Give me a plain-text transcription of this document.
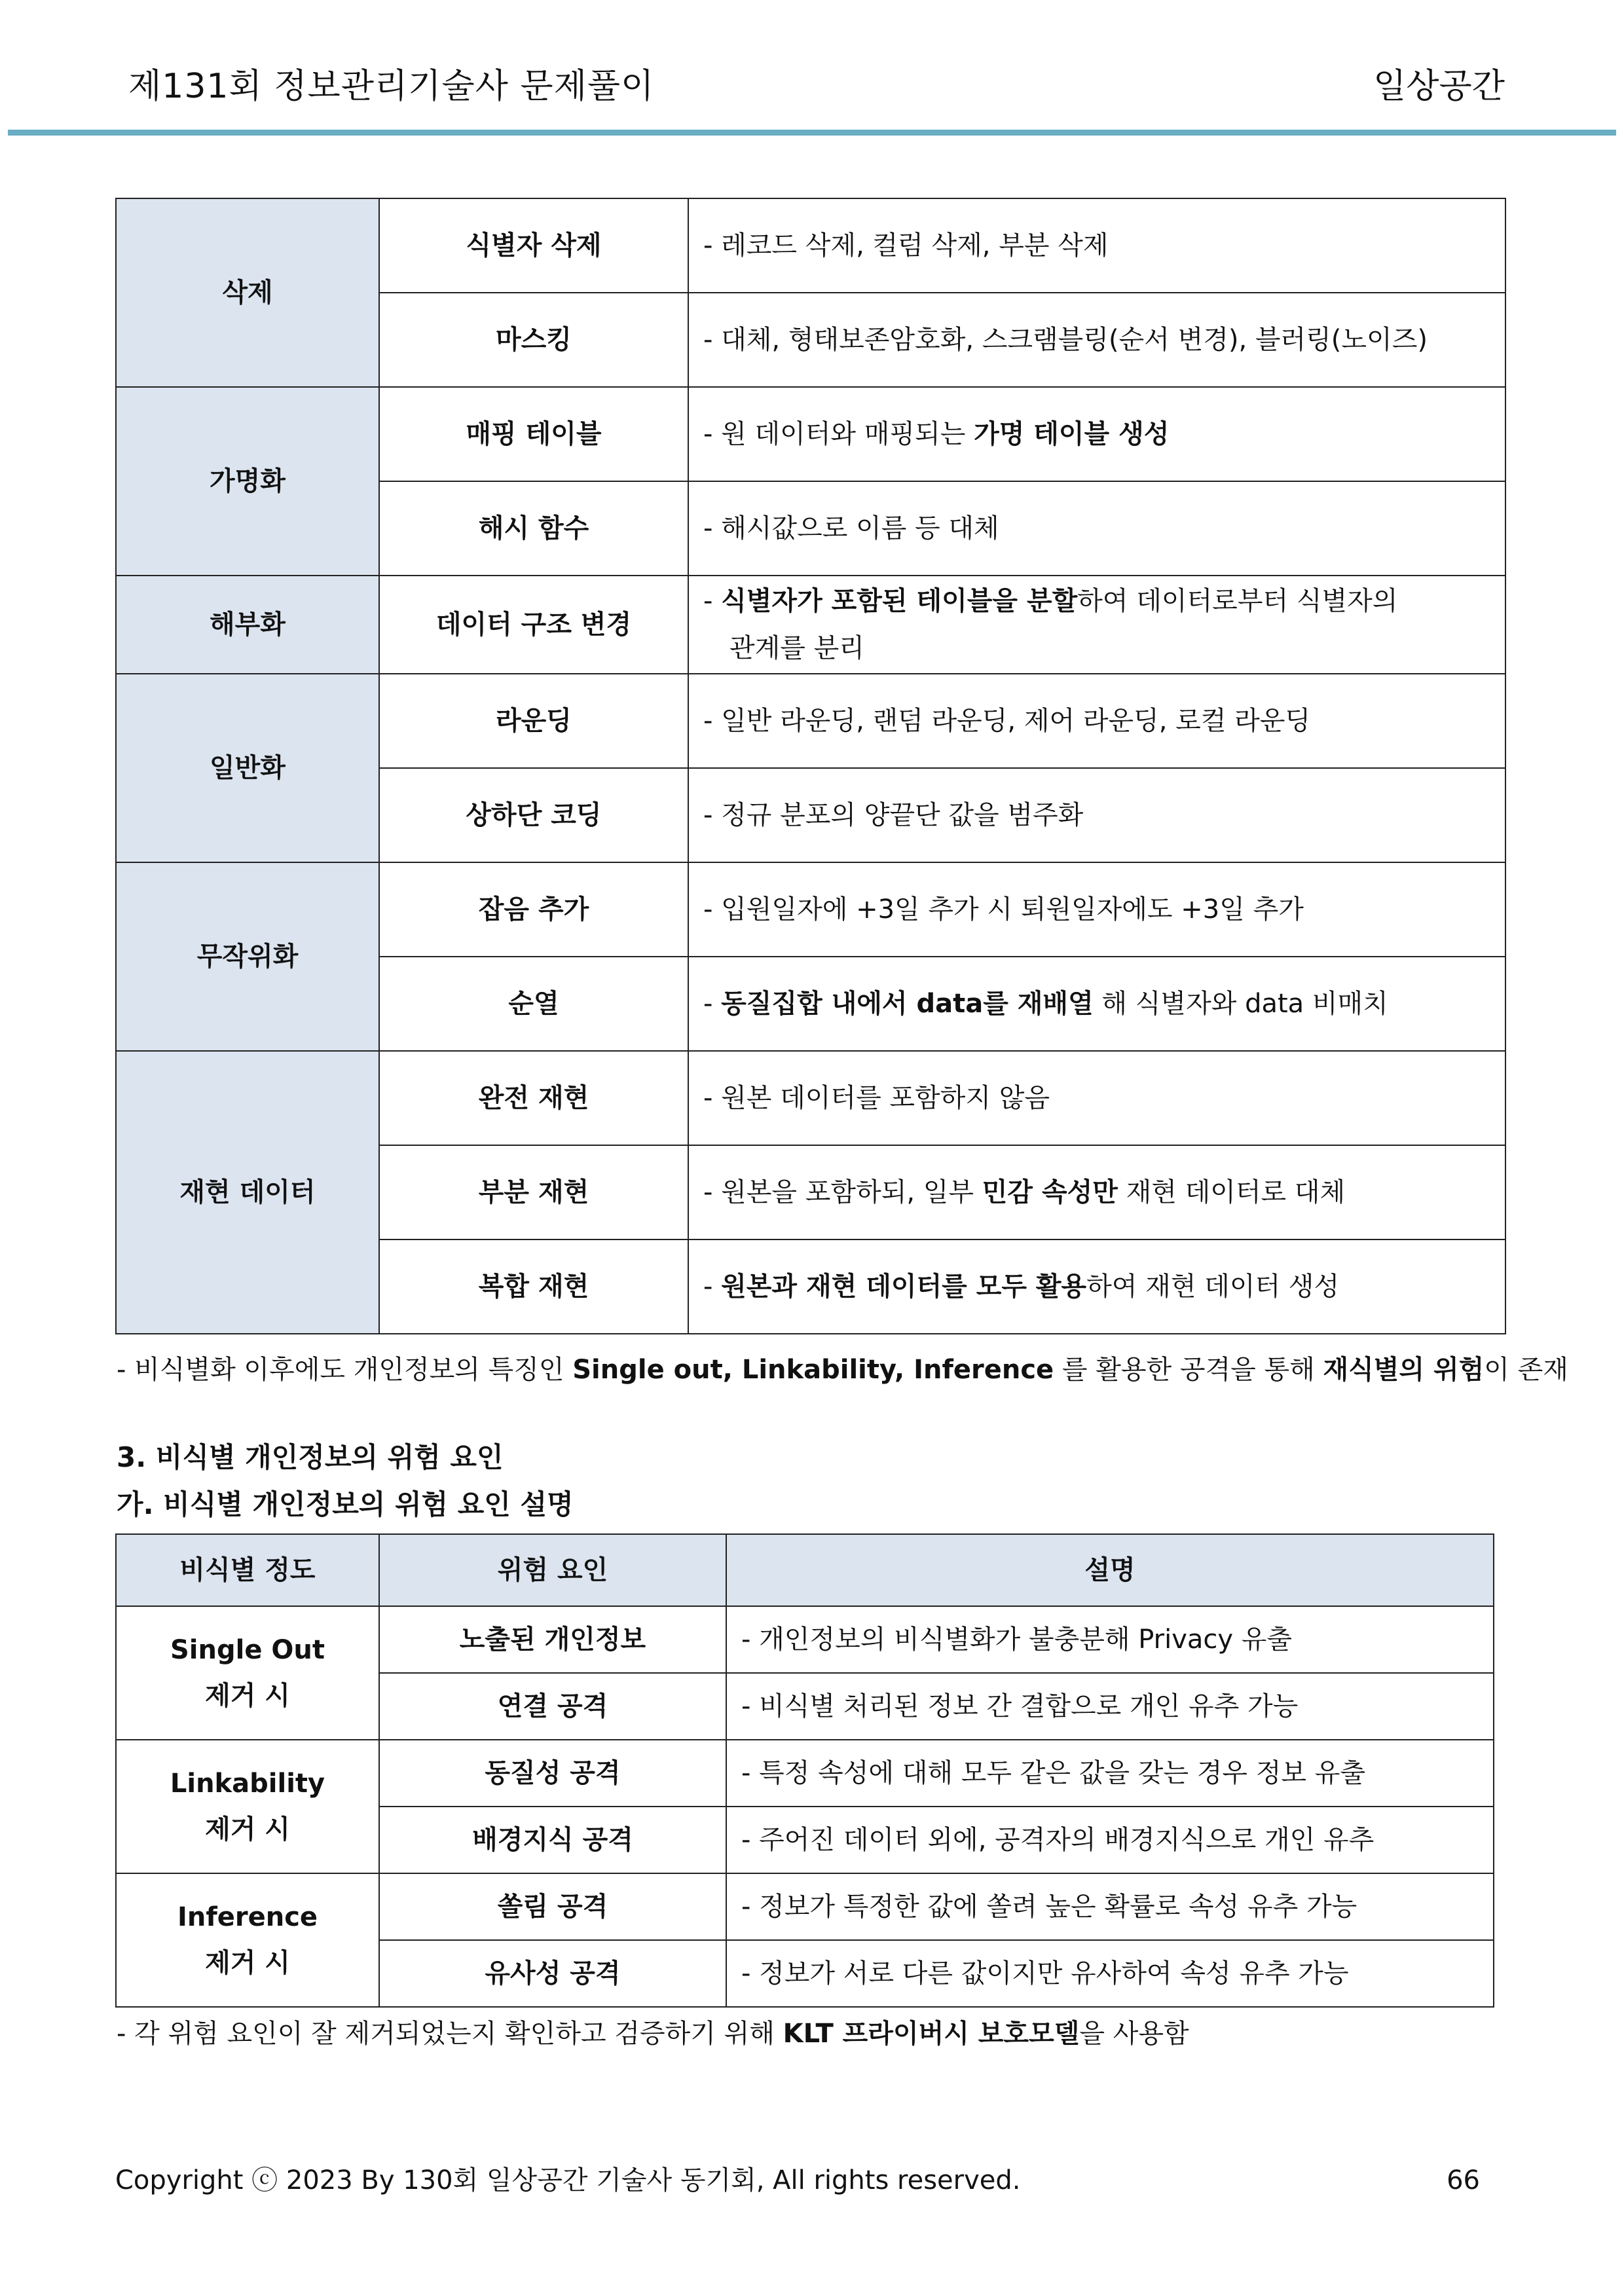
제131회 정보관리기술사 문제풀이	일상공간
삭제	식별자 삭제	- 레코드 삭제, 컬럼 삭제, 부분 삭제
	마스킹	- 대체, 형태보존암호화, 스크램블링(순서 변경), 블러링(노이즈)
가명화	매핑 테이블	- 원 데이터와 매핑되는 가명 테이블 생성
	해시 함수	- 해시값으로 이름 등 대체
해부화	데이터 구조 변경	- 식별자가 포함된 테이블을 분할하여 데이터로부터 식별자의
관계를 분리
일반화	라운딩	- 일반 라운딩, 랜덤 라운딩, 제어 라운딩, 로컬 라운딩
	상하단 코딩	- 정규 분포의 양끝단 값을 범주화
무작위화	잡음 추가	- 입원일자에 +3일 추가 시 퇴원일자에도 +3일 추가
	순열	- 동질집합 내에서 data를 재배열 해 식별자와 data 비매치
재현 데이터	완전 재현	- 원본 데이터를 포함하지 않음
	부분 재현	- 원본을 포함하되, 일부 민감 속성만 재현 데이터로 대체
	복합 재현	- 원본과 재현 데이터를 모두 활용하여 재현 데이터 생성
- 비식별화 이후에도 개인정보의 특징인 Single out, Linkability, Inference 를 활용한 공격을 통해 재식별의 위험이 존재
3. 비식별 개인정보의 위험 요인
가. 비식별 개인정보의 위험 요인 설명
비식별 정도	위험 요인	설명
Single Out
제거 시	노출된 개인정보	- 개인정보의 비식별화가 불충분해 Privacy 유출
	연결 공격	- 비식별 처리된 정보 간 결합으로 개인 유추 가능
Linkability
제거 시	동질성 공격	- 특정 속성에 대해 모두 같은 값을 갖는 경우 정보 유출
	배경지식 공격	- 주어진 데이터 외에, 공격자의 배경지식으로 개인 유추
Inference
제거 시	쏠림 공격	- 정보가 특정한 값에 쏠려 높은 확률로 속성 유추 가능
	유사성 공격	- 정보가 서로 다른 값이지만 유사하여 속성 유추 가능
- 각 위험 요인이 잘 제거되었는지 확인하고 검증하기 위해 KLT 프라이버시 보호모델을 사용함
Copyright ⓒ 2023 By 130회 일상공간 기술사 동기회, All rights reserved.	66
